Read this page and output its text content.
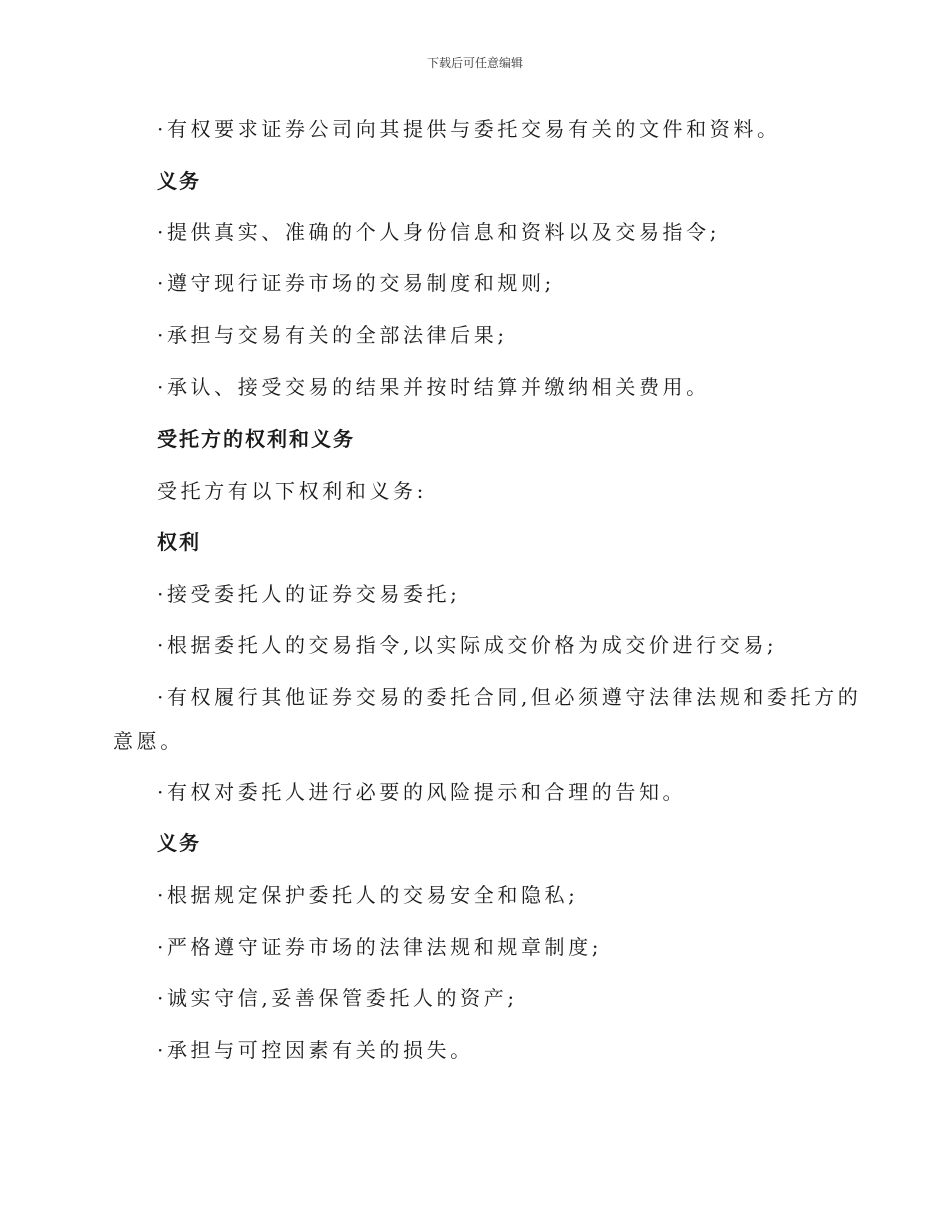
下载后可任意编辑
·有权要求证券公司向其提供与委托交易有关的文件和资料。
义务
·提供真实、准确的个人身份信息和资料以及交易指令;
·遵守现行证券市场的交易制度和规则;
·承担与交易有关的全部法律后果;
·承认、接受交易的结果并按时结算并缴纳相关费用。
受托方的权利和义务
受托方有以下权利和义务:
权利
·接受委托人的证券交易委托;
·根据委托人的交易指令,以实际成交价格为成交价进行交易;
·有权履行其他证券交易的委托合同,但必须遵守法律法规和委托方的
意愿。
·有权对委托人进行必要的风险提示和合理的告知。
义务
·根据规定保护委托人的交易安全和隐私;
·严格遵守证券市场的法律法规和规章制度;
·诚实守信,妥善保管委托人的资产;
·承担与可控因素有关的损失。
